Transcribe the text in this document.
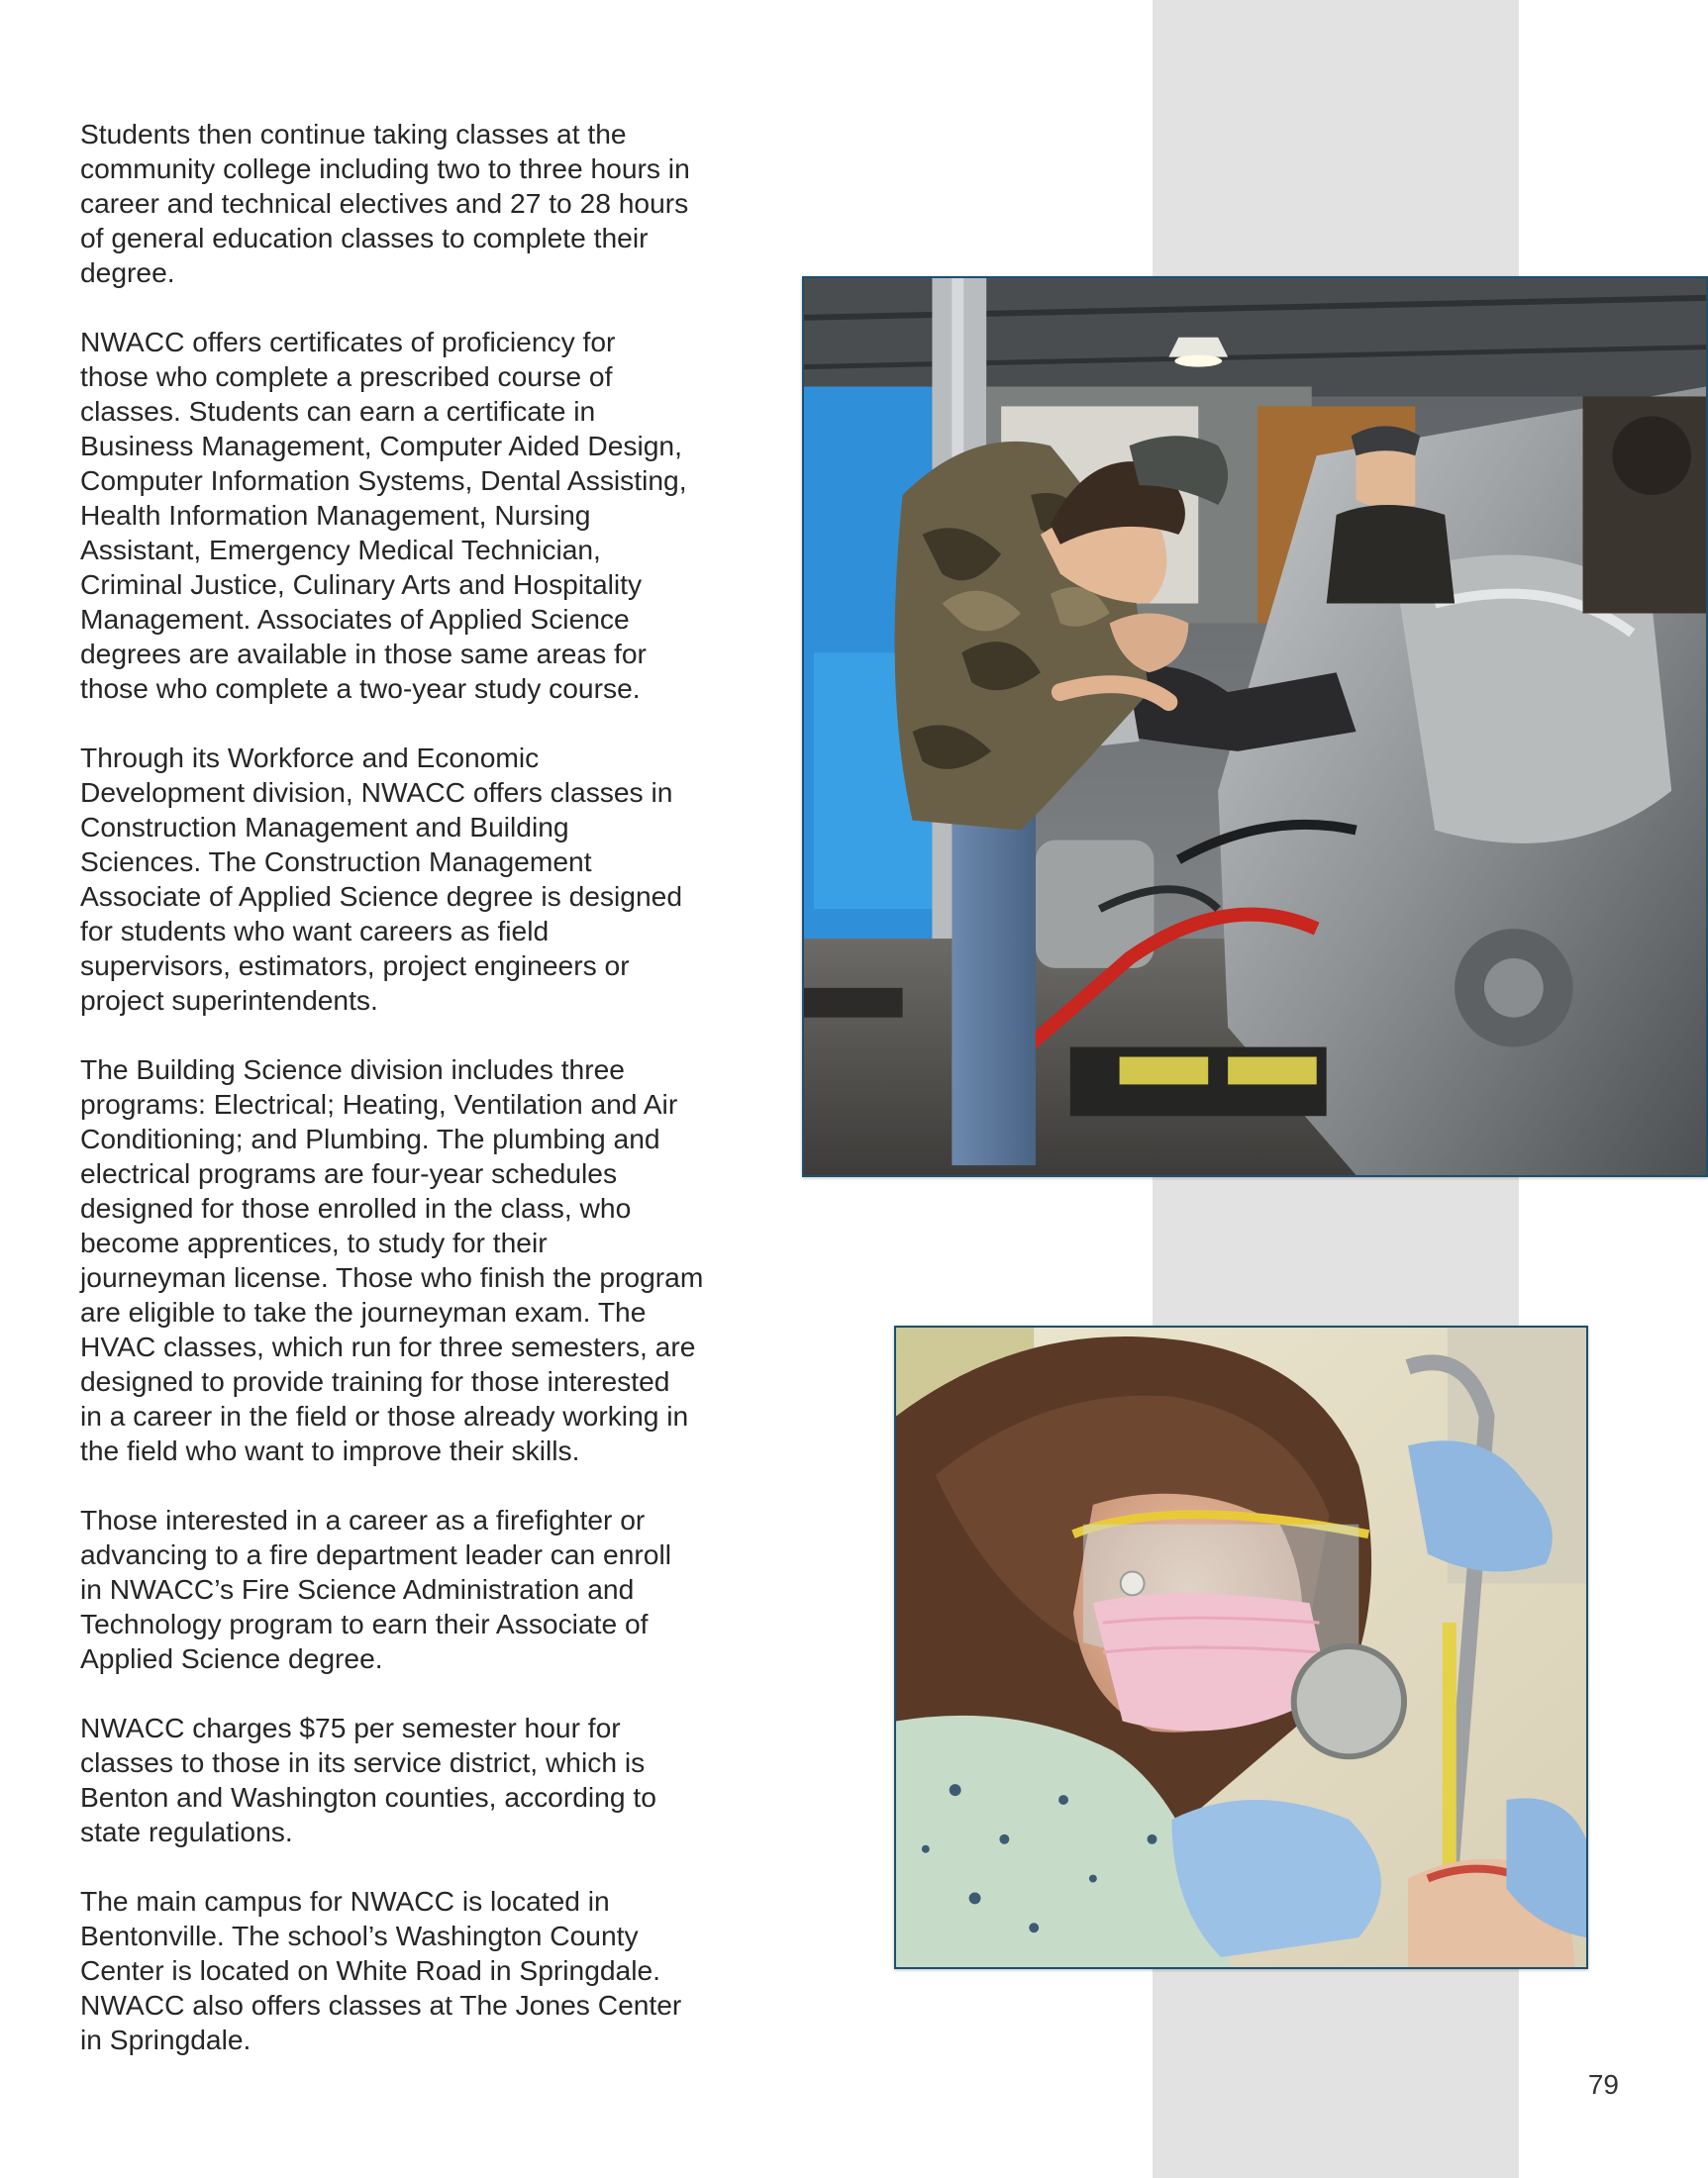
Students then continue taking classes at the
community college including two to three hours in
career and technical electives and 27 to 28 hours
of general education classes to complete their
degree.

NWACC offers certificates of proficiency for
those who complete a prescribed course of
classes. Students can earn a certificate in
Business Management, Computer Aided Design,
Computer Information Systems, Dental Assisting,
Health Information Management, Nursing
Assistant, Emergency Medical Technician,
Criminal Justice, Culinary Arts and Hospitality
Management. Associates of Applied Science
degrees are available in those same areas for
those who complete a two-year study course.

Through its Workforce and Economic
Development division, NWACC offers classes in
Construction Management and Building
Sciences. The Construction Management
Associate of Applied Science degree is designed
for students who want careers as field
supervisors, estimators, project engineers or
project superintendents.

The Building Science division includes three
programs: Electrical; Heating, Ventilation and Air
Conditioning; and Plumbing. The plumbing and
electrical programs are four-year schedules
designed for those enrolled in the class, who
become apprentices, to study for their
journeyman license. Those who finish the program
are eligible to take the journeyman exam. The
HVAC classes, which run for three semesters, are
designed to provide training for those interested
in a career in the field or those already working in
the field who want to improve their skills.

Those interested in a career as a firefighter or
advancing to a fire department leader can enroll
in NWACC’s Fire Science Administration and
Technology program to earn their Associate of
Applied Science degree.

NWACC charges $75 per semester hour for
classes to those in its service district, which is
Benton and Washington counties, according to
state regulations.

The main campus for NWACC is located in
Bentonville. The school’s Washington County
Center is located on White Road in Springdale.
NWACC also offers classes at The Jones Center
in Springdale.

79
